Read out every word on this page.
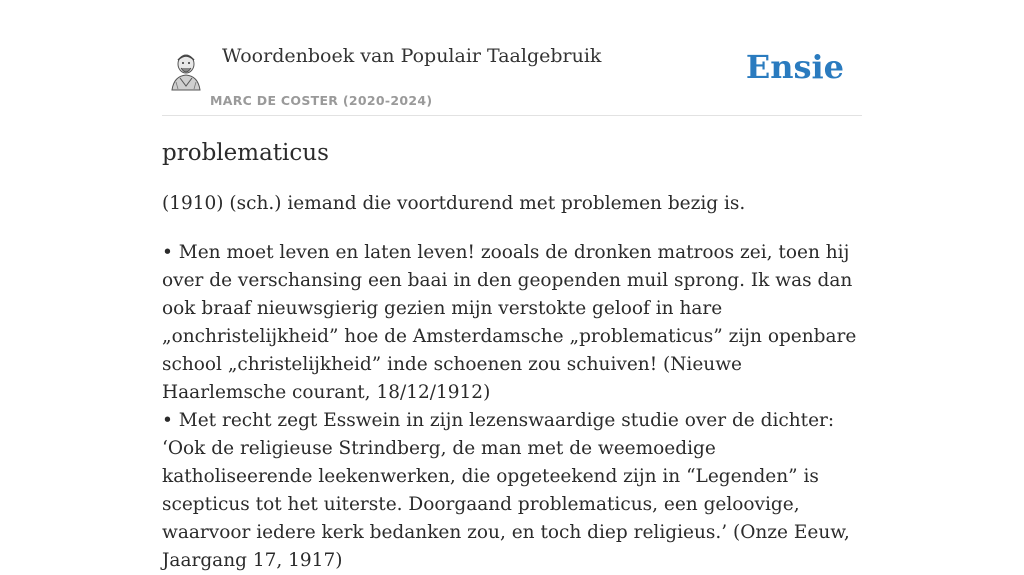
Woordenboek van Populair Taalgebruik
MARC DE COSTER (2020-2024)
Ensie
problematicus

(1910) (sch.) iemand die voortdurend met problemen bezig is.

• Men moet leven en laten leven! zooals de dronken matroos zei, toen hij over de verschansing een baai in den geopenden muil sprong. Ik was dan ook braaf nieuwsgierig gezien mijn verstokte geloof in hare „onchristelijkheid” hoe de Amsterdamsche „problematicus” zijn openbare school „christelijkheid” inde schoenen zou schuiven! (Nieuwe Haarlemsche courant, 18/12/1912)
• Met recht zegt Esswein in zijn lezenswaardige studie over de dichter: ‘Ook de religieuse Strindberg, de man met de weemoedige katholiseerende leekenwerken, die opgeteekend zijn in “Legenden” is scepticus tot het uiterste. Doorgaand problematicus, een geloovige, waarvoor iedere kerk bedanken zou, en toch diep religieus.’ (Onze Eeuw, Jaargang 17, 1917)
